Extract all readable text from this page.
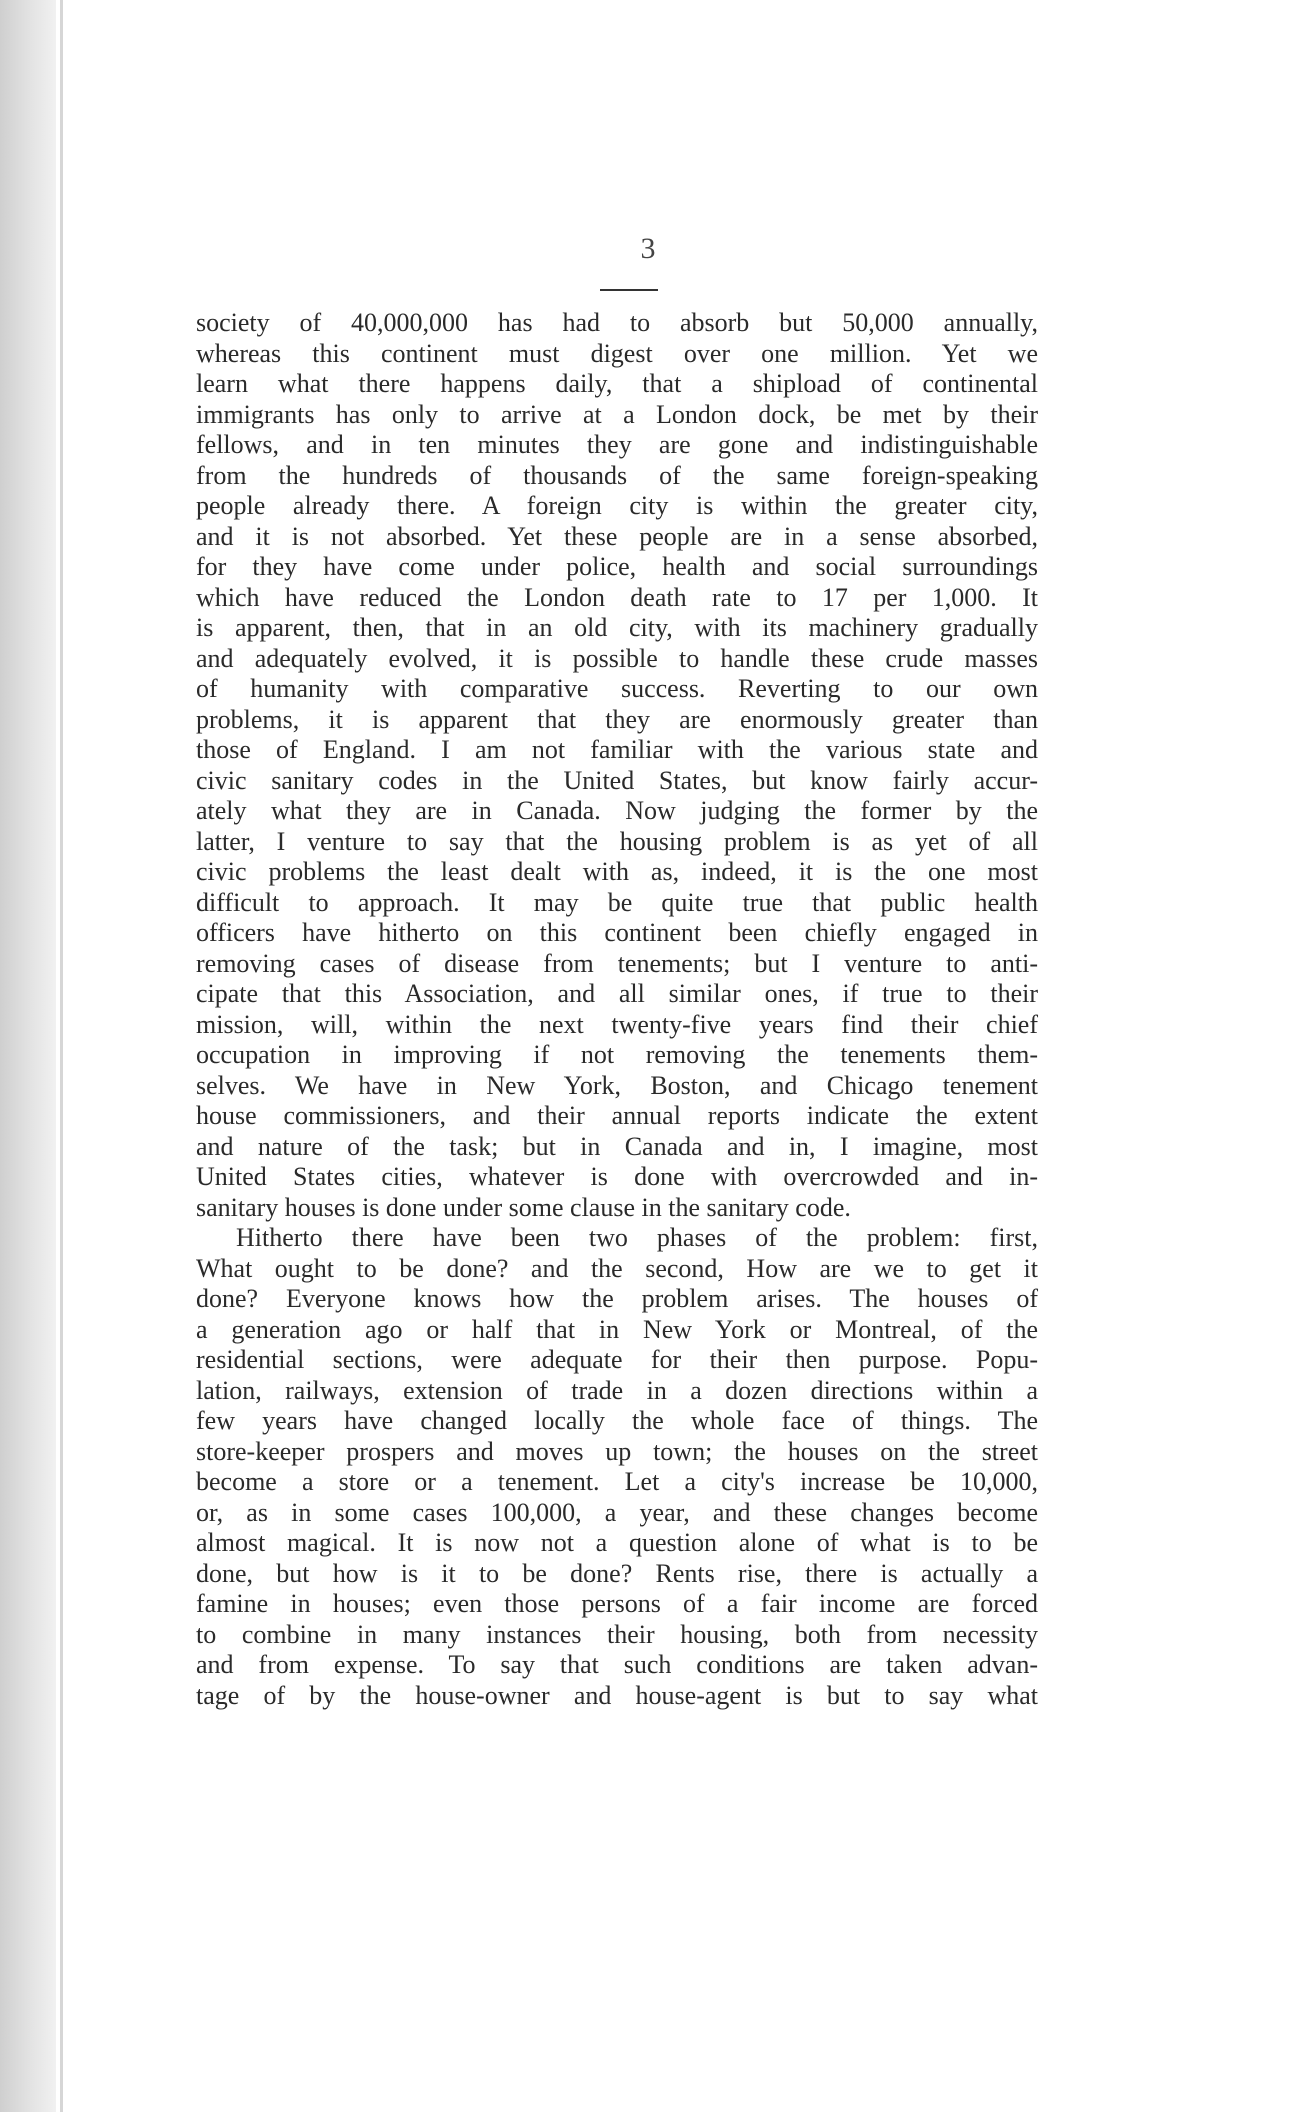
3
society of 40,000,000 has had to absorb but 50,000 annually,
whereas this continent must digest over one million. Yet we
learn what there happens daily, that a shipload of continental
immigrants has only to arrive at a London dock, be met by their
fellows, and in ten minutes they are gone and indistinguishable
from the hundreds of thousands of the same foreign-speaking
people already there. A foreign city is within the greater city,
and it is not absorbed. Yet these people are in a sense absorbed,
for they have come under police, health and social surroundings
which have reduced the London death rate to 17 per 1,000. It
is apparent, then, that in an old city, with its machinery gradually
and adequately evolved, it is possible to handle these crude masses
of humanity with comparative success. Reverting to our own
problems, it is apparent that they are enormously greater than
those of England. I am not familiar with the various state and
civic sanitary codes in the United States, but know fairly accur-
ately what they are in Canada. Now judging the former by the
latter, I venture to say that the housing problem is as yet of all
civic problems the least dealt with as, indeed, it is the one most
difficult to approach. It may be quite true that public health
officers have hitherto on this continent been chiefly engaged in
removing cases of disease from tenements; but I venture to anti-
cipate that this Association, and all similar ones, if true to their
mission, will, within the next twenty-five years find their chief
occupation in improving if not removing the tenements them-
selves. We have in New York, Boston, and Chicago tenement
house commissioners, and their annual reports indicate the extent
and nature of the task; but in Canada and in, I imagine, most
United States cities, whatever is done with overcrowded and in-
sanitary houses is done under some clause in the sanitary code.
Hitherto there have been two phases of the problem: first,
What ought to be done? and the second, How are we to get it
done? Everyone knows how the problem arises. The houses of
a generation ago or half that in New York or Montreal, of the
residential sections, were adequate for their then purpose. Popu-
lation, railways, extension of trade in a dozen directions within a
few years have changed locally the whole face of things. The
store-keeper prospers and moves up town; the houses on the street
become a store or a tenement. Let a city's increase be 10,000,
or, as in some cases 100,000, a year, and these changes become
almost magical. It is now not a question alone of what is to be
done, but how is it to be done? Rents rise, there is actually a
famine in houses; even those persons of a fair income are forced
to combine in many instances their housing, both from necessity
and from expense. To say that such conditions are taken advan-
tage of by the house-owner and house-agent is but to say what
